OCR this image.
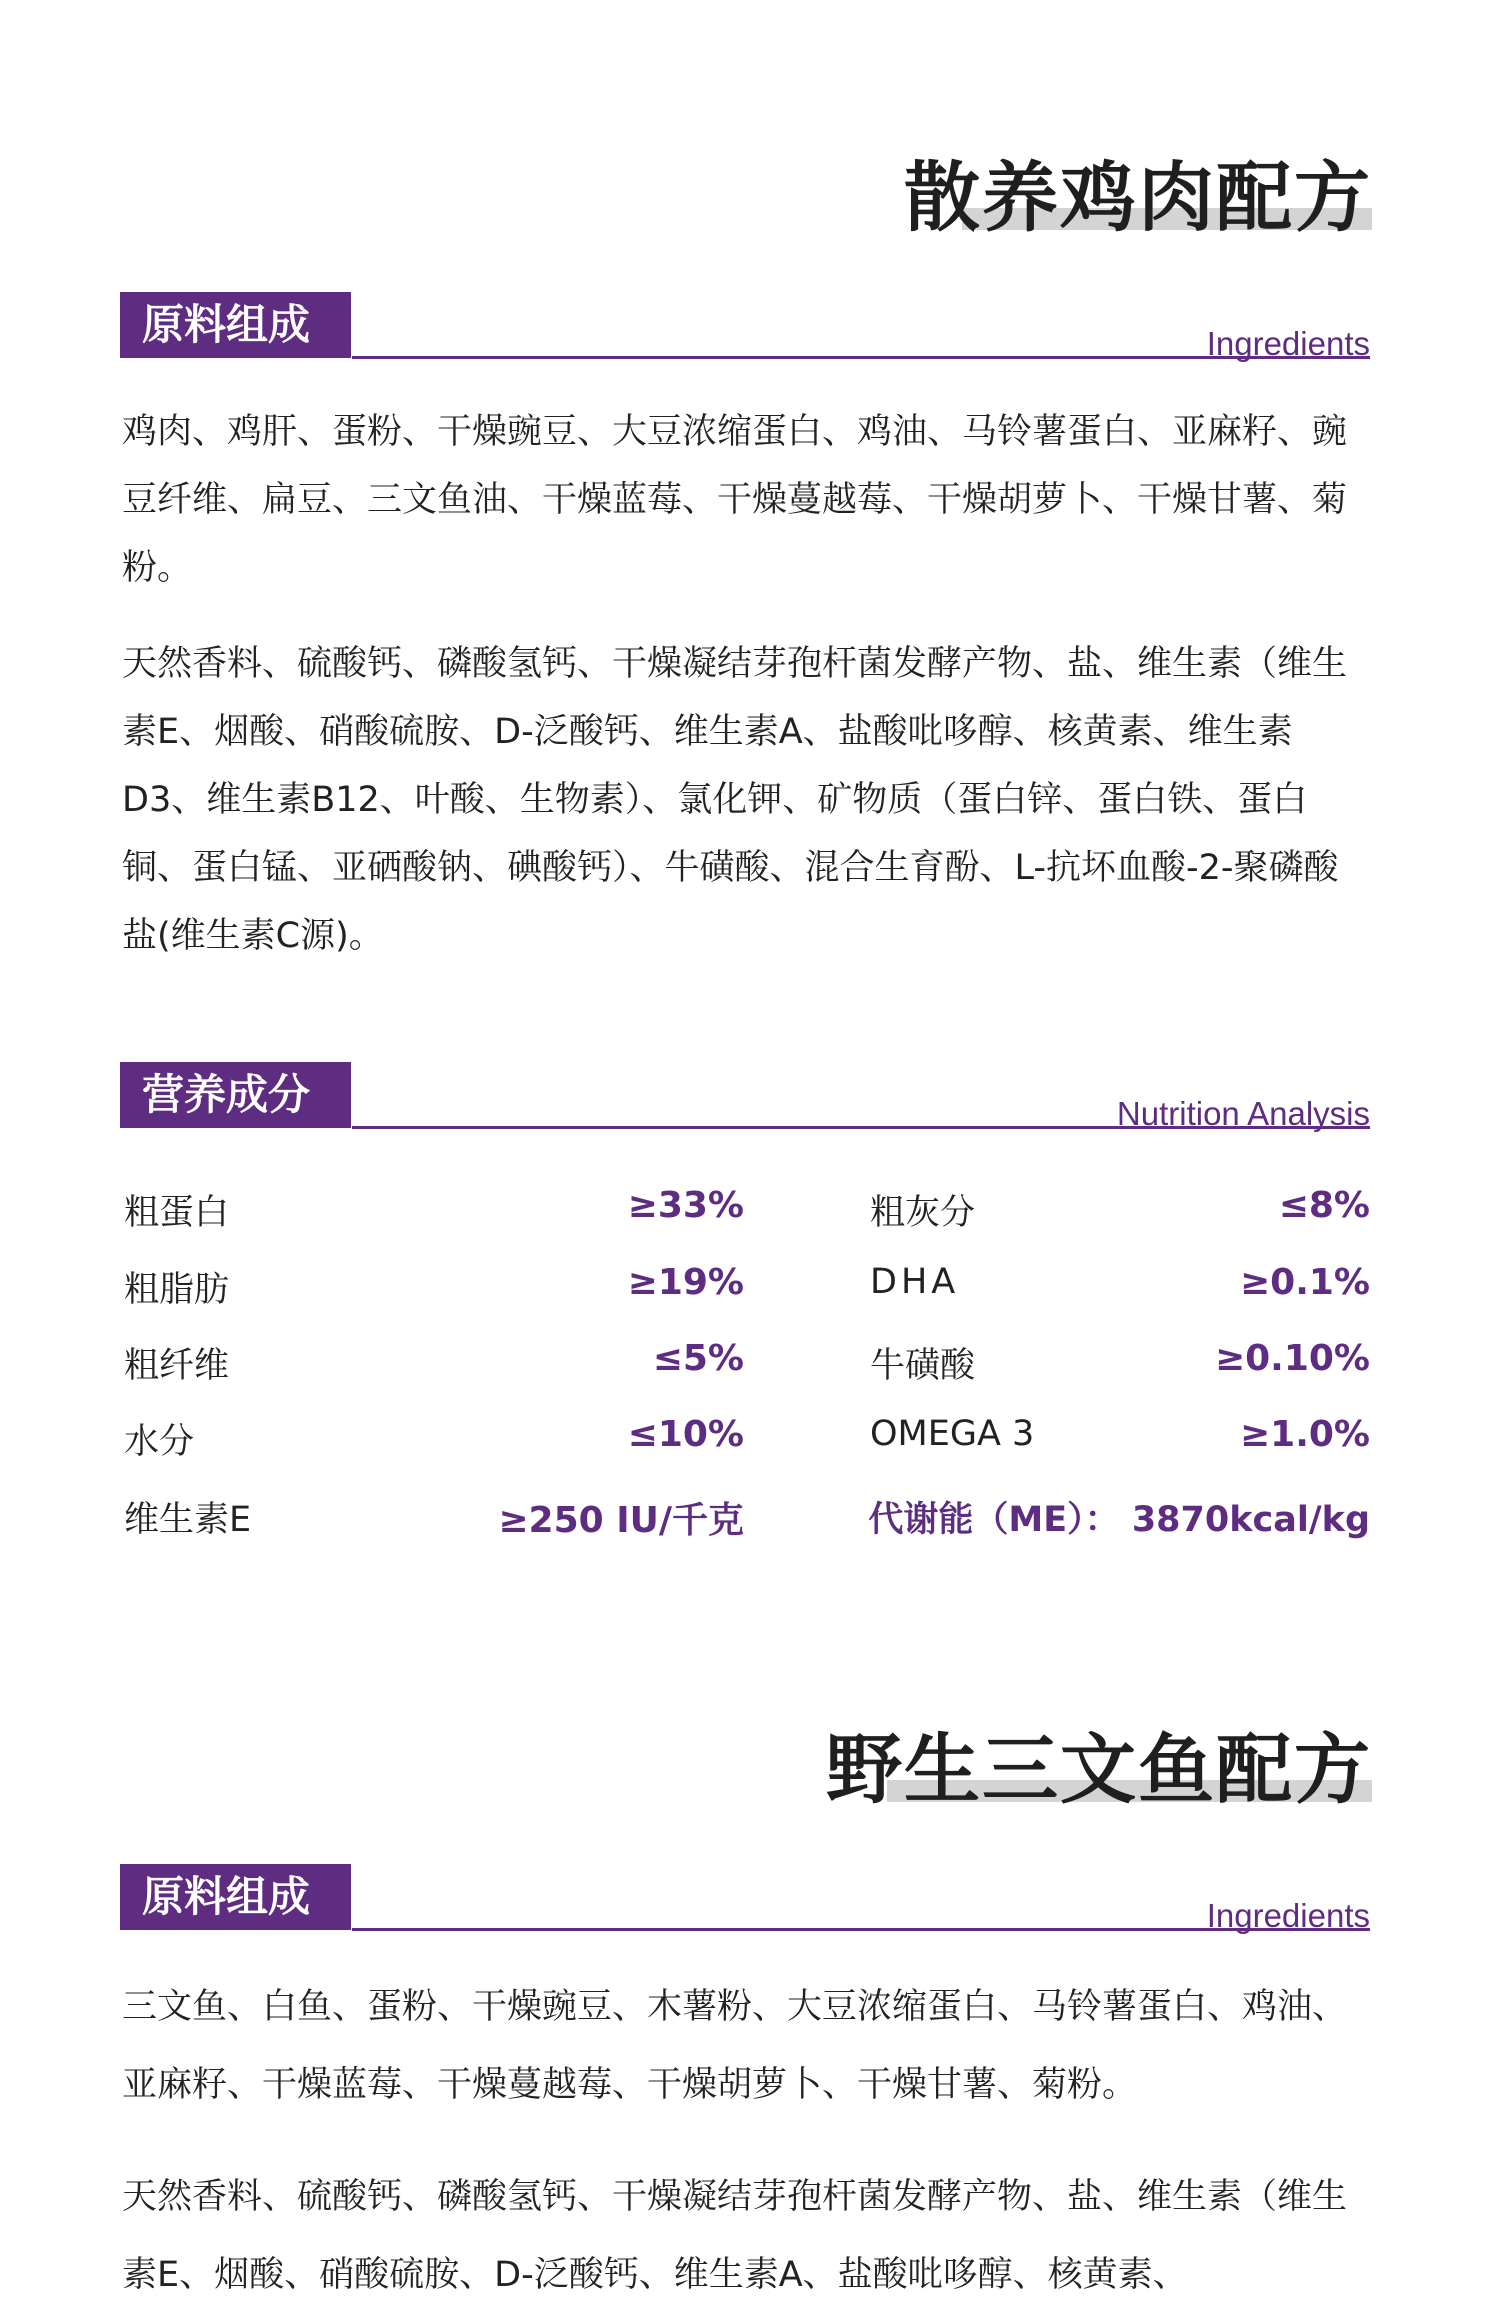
散养鸡肉配方
原料组成	Ingredients
鸡肉、鸡肝、蛋粉、干燥豌豆、大豆浓缩蛋白、鸡油、马铃薯蛋白、亚麻籽、豌豆纤维、扁豆、三文鱼油、干燥蓝莓、干燥蔓越莓、干燥胡萝卜、干燥甘薯、菊粉。
天然香料、硫酸钙、磷酸氢钙、干燥凝结芽孢杆菌发酵产物、盐、维生素（维生素E、烟酸、硝酸硫胺、D-泛酸钙、维生素A、盐酸吡哆醇、核黄素、维生素D3、维生素B12、叶酸、生物素）、氯化钾、矿物质（蛋白锌、蛋白铁、蛋白铜、蛋白锰、亚硒酸钠、碘酸钙）、牛磺酸、混合生育酚、L-抗坏血酸-2-聚磷酸盐(维生素C源)。
营养成分	Nutrition Analysis
粗蛋白	≥33%	粗灰分	≤8%
粗脂肪	≥19%	DHA	≥0.1%
粗纤维	≤5%	牛磺酸	≥0.10%
水分	≤10%	OMEGA 3	≥1.0%
维生素E	≥250 IU/千克	代谢能（ME）： 3870kcal/kg
野生三文鱼配方
原料组成	Ingredients
三文鱼、白鱼、蛋粉、干燥豌豆、木薯粉、大豆浓缩蛋白、马铃薯蛋白、鸡油、亚麻籽、干燥蓝莓、干燥蔓越莓、干燥胡萝卜、干燥甘薯、菊粉。
天然香料、硫酸钙、磷酸氢钙、干燥凝结芽孢杆菌发酵产物、盐、维生素（维生素E、烟酸、硝酸硫胺、D-泛酸钙、维生素A、盐酸吡哆醇、核黄素、
